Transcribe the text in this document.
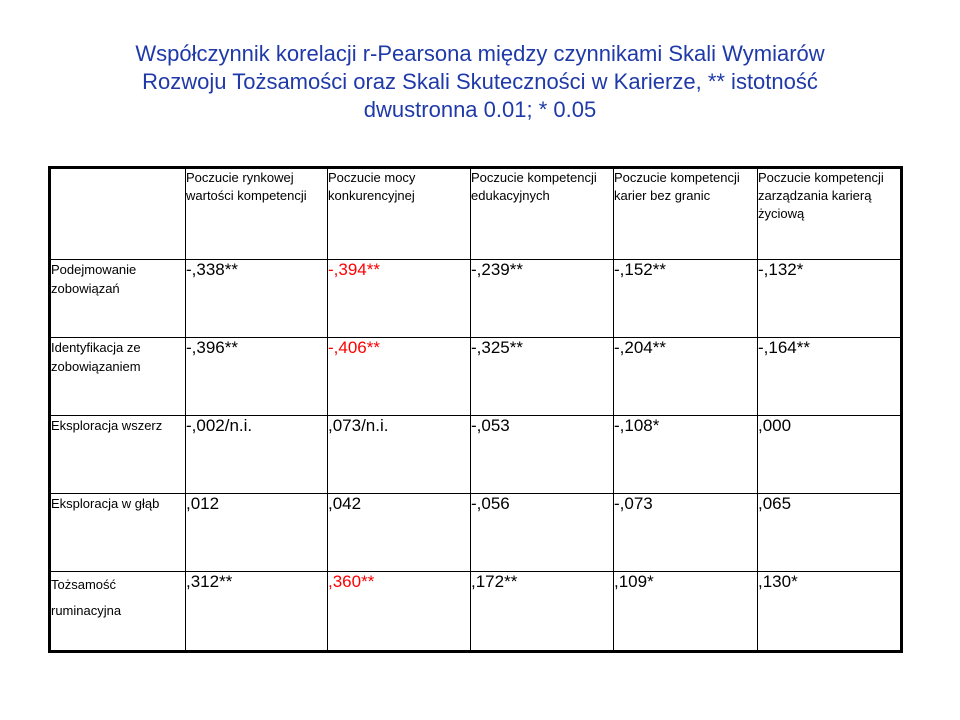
Współczynnik korelacji r-Pearsona między czynnikami Skali Wymiarów
Rozwoju Tożsamości oraz Skali Skuteczności w Karierze, ** istotność
dwustronna 0.01; * 0.05
	Poczucie rynkowej wartości kompetencji	Poczucie mocy konkurencyjnej	Poczucie kompetencji edukacyjnych	Poczucie kompetencji karier bez granic	Poczucie kompetencji zarządzania karierą życiową
Podejmowanie zobowiązań	-,338**	-,394**	-,239**	-,152**	-,132*
Identyfikacja ze zobowiązaniem	-,396**	-,406**	-,325**	-,204**	-,164**
Eksploracja wszerz	-,002/n.i.	,073/n.i.	-,053	-,108*	,000
Eksploracja w głąb	,012	,042	-,056	-,073	,065
Tożsamość ruminacyjna	,312**	,360**	,172**	,109*	,130*
